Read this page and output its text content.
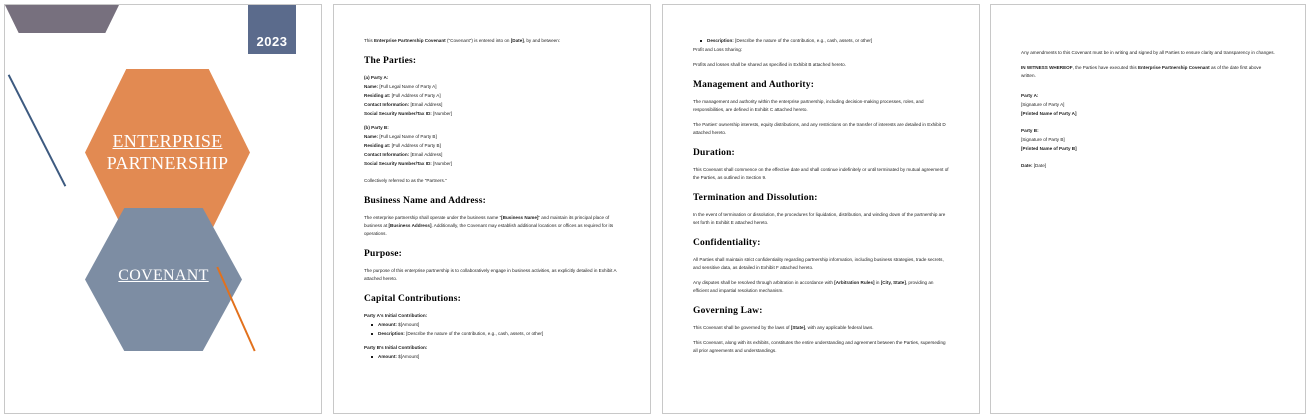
2023
ENTERPRISE
PARTNERSHIP
COVENANT

This Enterprise Partnership Covenant ("Covenant") is entered into on [Date], by and between:

The Parties:

(a) Party A:

Name: [Full Legal Name of Party A]

Residing at: [Full Address of Party A]

Contact Information: [Email Address]

Social Security Number/Tax ID: [Number]

(b) Party B:

Name: [Full Legal Name of Party B]

Residing at: [Full Address of Party B]

Contact Information: [Email Address]

Social Security Number/Tax ID: [Number]

Collectively referred to as the "Partners."

Business Name and Address:

The enterprise partnership shall operate under the business name “[Business Name]” and maintain its principal place of business at [Business Address]. Additionally, the Covenant may establish additional locations or offices as required for its operations.

Purpose:

The purpose of this enterprise partnership is to collaboratively engage in business activities, as explicitly detailed in Exhibit A attached hereto.

Capital Contributions:

Party A's Initial Contribution:

Amount: $[Amount]
Description: [Describe the nature of the contribution, e.g., cash, assets, or other]

Party B's Initial Contribution:

Amount: $[Amount]
Description: [Describe the nature of the contribution, e.g., cash, assets, or other]

Profit and Loss Sharing:

Profits and losses shall be shared as specified in Exhibit B attached hereto.

Management and Authority:

The management and authority within the enterprise partnership, including decision-making processes, roles, and responsibilities, are defined in Exhibit C attached hereto.

The Parties' ownership interests, equity distributions, and any restrictions on the transfer of interests are detailed in Exhibit D attached hereto.

Duration:

This Covenant shall commence on the effective date and shall continue indefinitely or until terminated by mutual agreement of the Parties, as outlined in Section 9.

Termination and Dissolution:

In the event of termination or dissolution, the procedures for liquidation, distribution, and winding down of the partnership are set forth in Exhibit E attached hereto.

Confidentiality:

All Parties shall maintain strict confidentiality regarding partnership information, including business strategies, trade secrets, and sensitive data, as detailed in Exhibit F attached hereto.

Any disputes shall be resolved through arbitration in accordance with [Arbitration Rules] in [City, State], providing an efficient and impartial resolution mechanism.

Governing Law:

This Covenant shall be governed by the laws of [State], with any applicable federal laws.

This Covenant, along with its exhibits, constitutes the entire understanding and agreement between the Parties, superseding all prior agreements and understandings.

Any amendments to this Covenant must be in writing and signed by all Parties to ensure clarity and transparency in changes.

IN WITNESS WHEREOF, the Parties have executed this Enterprise Partnership Covenant as of the date first above written.

Party A:

[Signature of Party A]

[Printed Name of Party A]

Party B:

[Signature of Party B]

[Printed Name of Party B]

Date: [Date]
